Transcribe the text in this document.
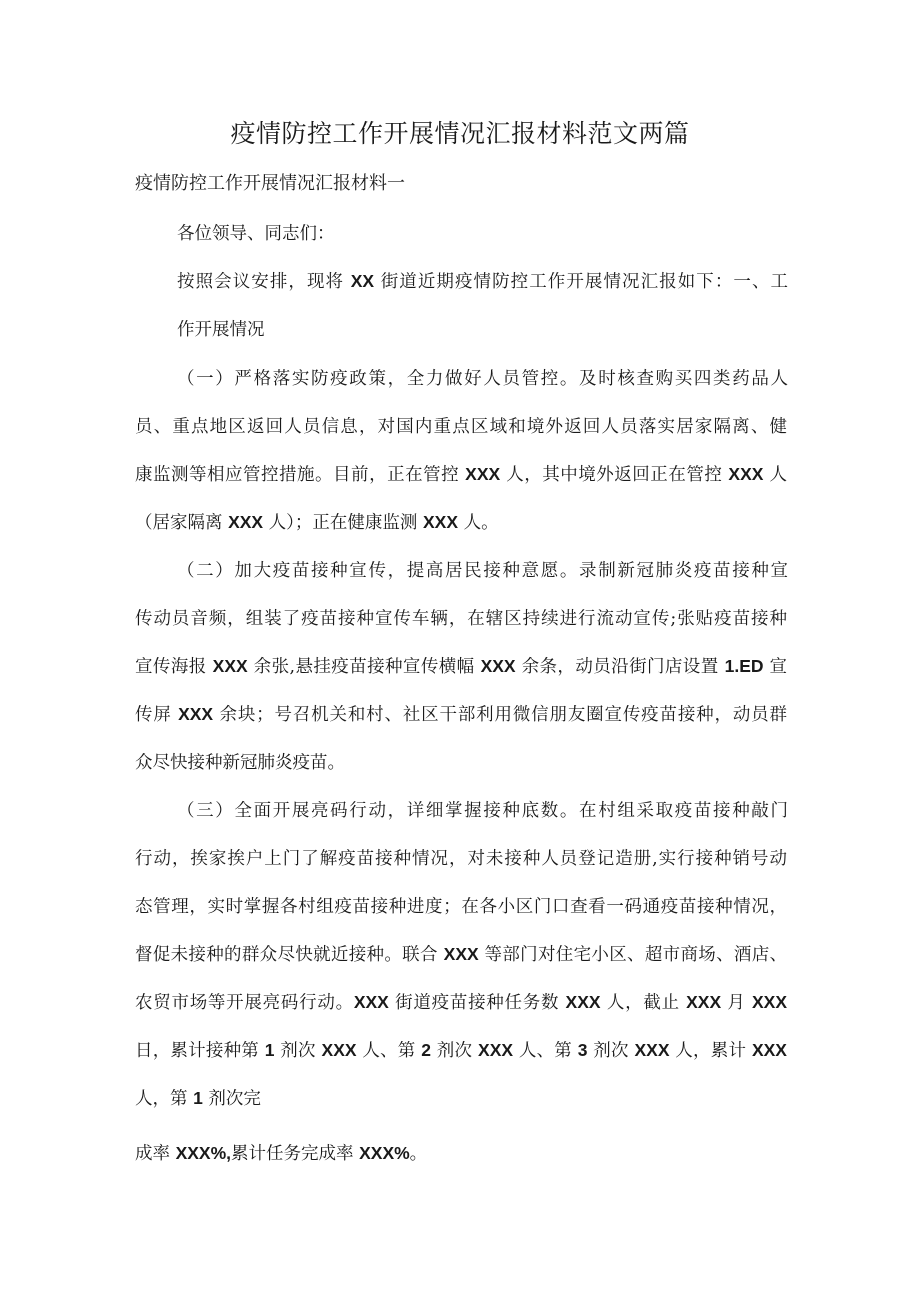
疫情防控工作开展情况汇报材料范文两篇
疫情防控工作开展情况汇报材料一
各位领导、同志们：
按照会议安排，现将 XX 街道近期疫情防控工作开展情况汇报如下：一、工
作开展情况
（一）严格落实防疫政策，全力做好人员管控。及时核查购买四类药品人
员、重点地区返回人员信息，对国内重点区域和境外返回人员落实居家隔离、健
康监测等相应管控措施。目前，正在管控 XXX 人，其中境外返回正在管控 XXX 人
（居家隔离 XXX 人）；正在健康监测 XXX 人。
（二）加大疫苗接种宣传，提高居民接种意愿。录制新冠肺炎疫苗接种宣
传动员音频，组装了疫苗接种宣传车辆，在辖区持续进行流动宣传;张贴疫苗接种
宣传海报 XXX 余张,悬挂疫苗接种宣传横幅 XXX 余条，动员沿街门店设置 1.ED 宣
传屏 XXX 余块；号召机关和村、社区干部利用微信朋友圈宣传疫苗接种，动员群
众尽快接种新冠肺炎疫苗。
（三）全面开展亮码行动，详细掌握接种底数。在村组采取疫苗接种敲门
行动，挨家挨户上门了解疫苗接种情况，对未接种人员登记造册,实行接种销号动
态管理，实时掌握各村组疫苗接种进度；在各小区门口查看一码通疫苗接种情况，
督促未接种的群众尽快就近接种。联合 XXX 等部门对住宅小区、超市商场、酒店、
农贸市场等开展亮码行动。XXX 街道疫苗接种任务数 XXX 人，截止 XXX 月 XXX
日，累计接种第 1 剂次 XXX 人、第 2 剂次 XXX 人、第 3 剂次 XXX 人，累计 XXX
人，第 1 剂次完
成率 XXX%,累计任务完成率 XXX%。
